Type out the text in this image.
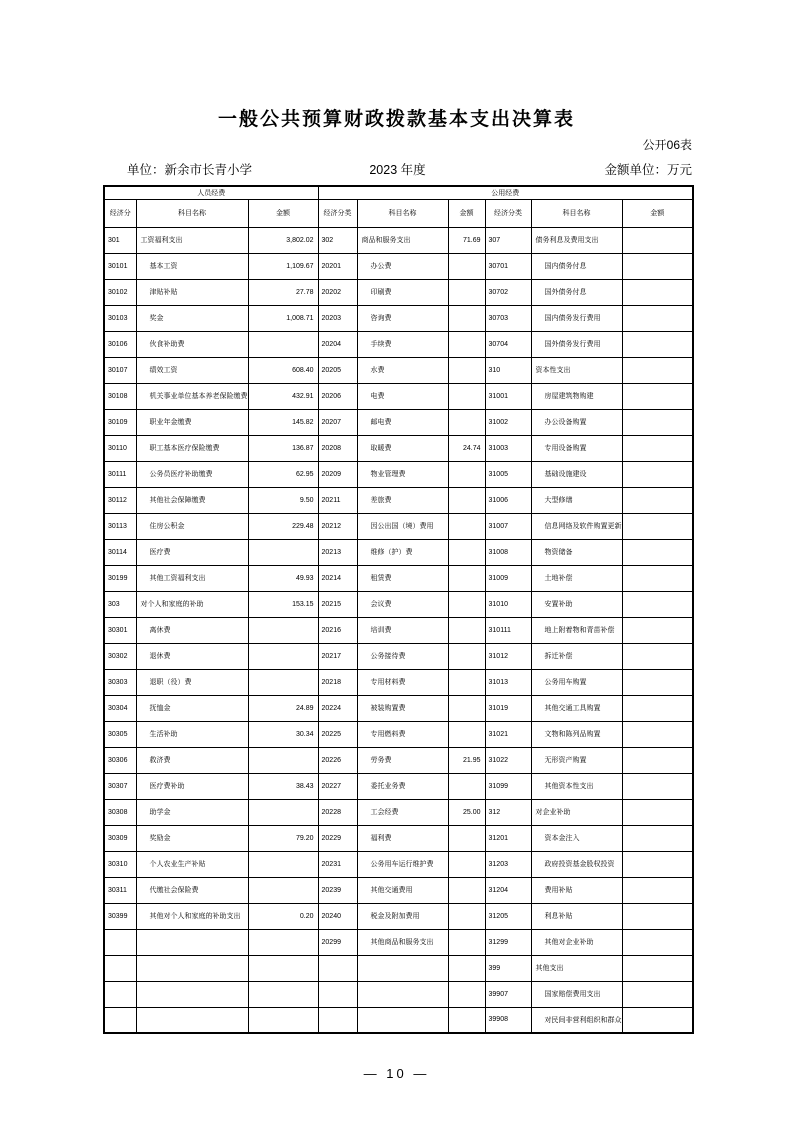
一般公共预算财政拨款基本支出决算表
公开06表
2023 年度
单位：新余市长青小学	金额单位：万元
人员经费			公用经费					
经济分	科目名称	金额	经济分类	科目名称	金额	经济分类	科目名称	金额
301	工资福利支出	3,802.02	302	商品和服务支出	71.69	307	债务利息及费用支出	
30101	基本工资	1,109.67	20201	办公费		30701	国内债务付息	
30102	津贴补贴	27.78	20202	印刷费		30702	国外债务付息	
30103	奖金	1,008.71	20203	咨询费		30703	国内债务发行费用	
30106	伙食补助费		20204	手续费		30704	国外债务发行费用	
30107	绩效工资	608.40	20205	水费		310	资本性支出	
30108	机关事业单位基本养老保险缴费	432.91	20206	电费		31001	房屋建筑物购建	
30109	职业年金缴费	145.82	20207	邮电费		31002	办公设备购置	
30110	职工基本医疗保险缴费	136.87	20208	取暖费	24.74	31003	专用设备购置	
30111	公务员医疗补助缴费	62.95	20209	物业管理费		31005	基础设施建设	
30112	其他社会保障缴费	9.50	20211	差旅费		31006	大型修缮	
30113	住房公积金	229.48	20212	因公出国（境）费用		31007	信息网络及软件购置更新	
30114	医疗费		20213	维修（护）费		31008	物资储备	
30199	其他工资福利支出	49.93	20214	租赁费		31009	土地补偿	
303	对个人和家庭的补助	153.15	20215	会议费		31010	安置补助	
30301	离休费		20216	培训费		310111	地上附着物和青苗补偿	
30302	退休费		20217	公务接待费		31012	拆迁补偿	
30303	退职（役）费		20218	专用材料费		31013	公务用车购置	
30304	抚恤金	24.89	20224	被装购置费		31019	其他交通工具购置	
30305	生活补助	30.34	20225	专用燃料费		31021	文物和陈列品购置	
30306	救济费		20226	劳务费	21.95	31022	无形资产购置	
30307	医疗费补助	38.43	20227	委托业务费		31099	其他资本性支出	
30308	助学金		20228	工会经费	25.00	312	对企业补助	
30309	奖励金	79.20	20229	福利费		31201	资本金注入	
30310	个人农业生产补贴		20231	公务用车运行维护费		31203	政府投资基金股权投资	
30311	代缴社会保险费		20239	其他交通费用		31204	费用补贴	
30399	其他对个人和家庭的补助支出	0.20	20240	税金及附加费用		31205	利息补贴	
			20299	其他商品和服务支出		31299	其他对企业补助	
						399	其他支出	
						39907	国家赔偿费用支出	
						39908	对民间非营利组织和群众	
— 10 —
